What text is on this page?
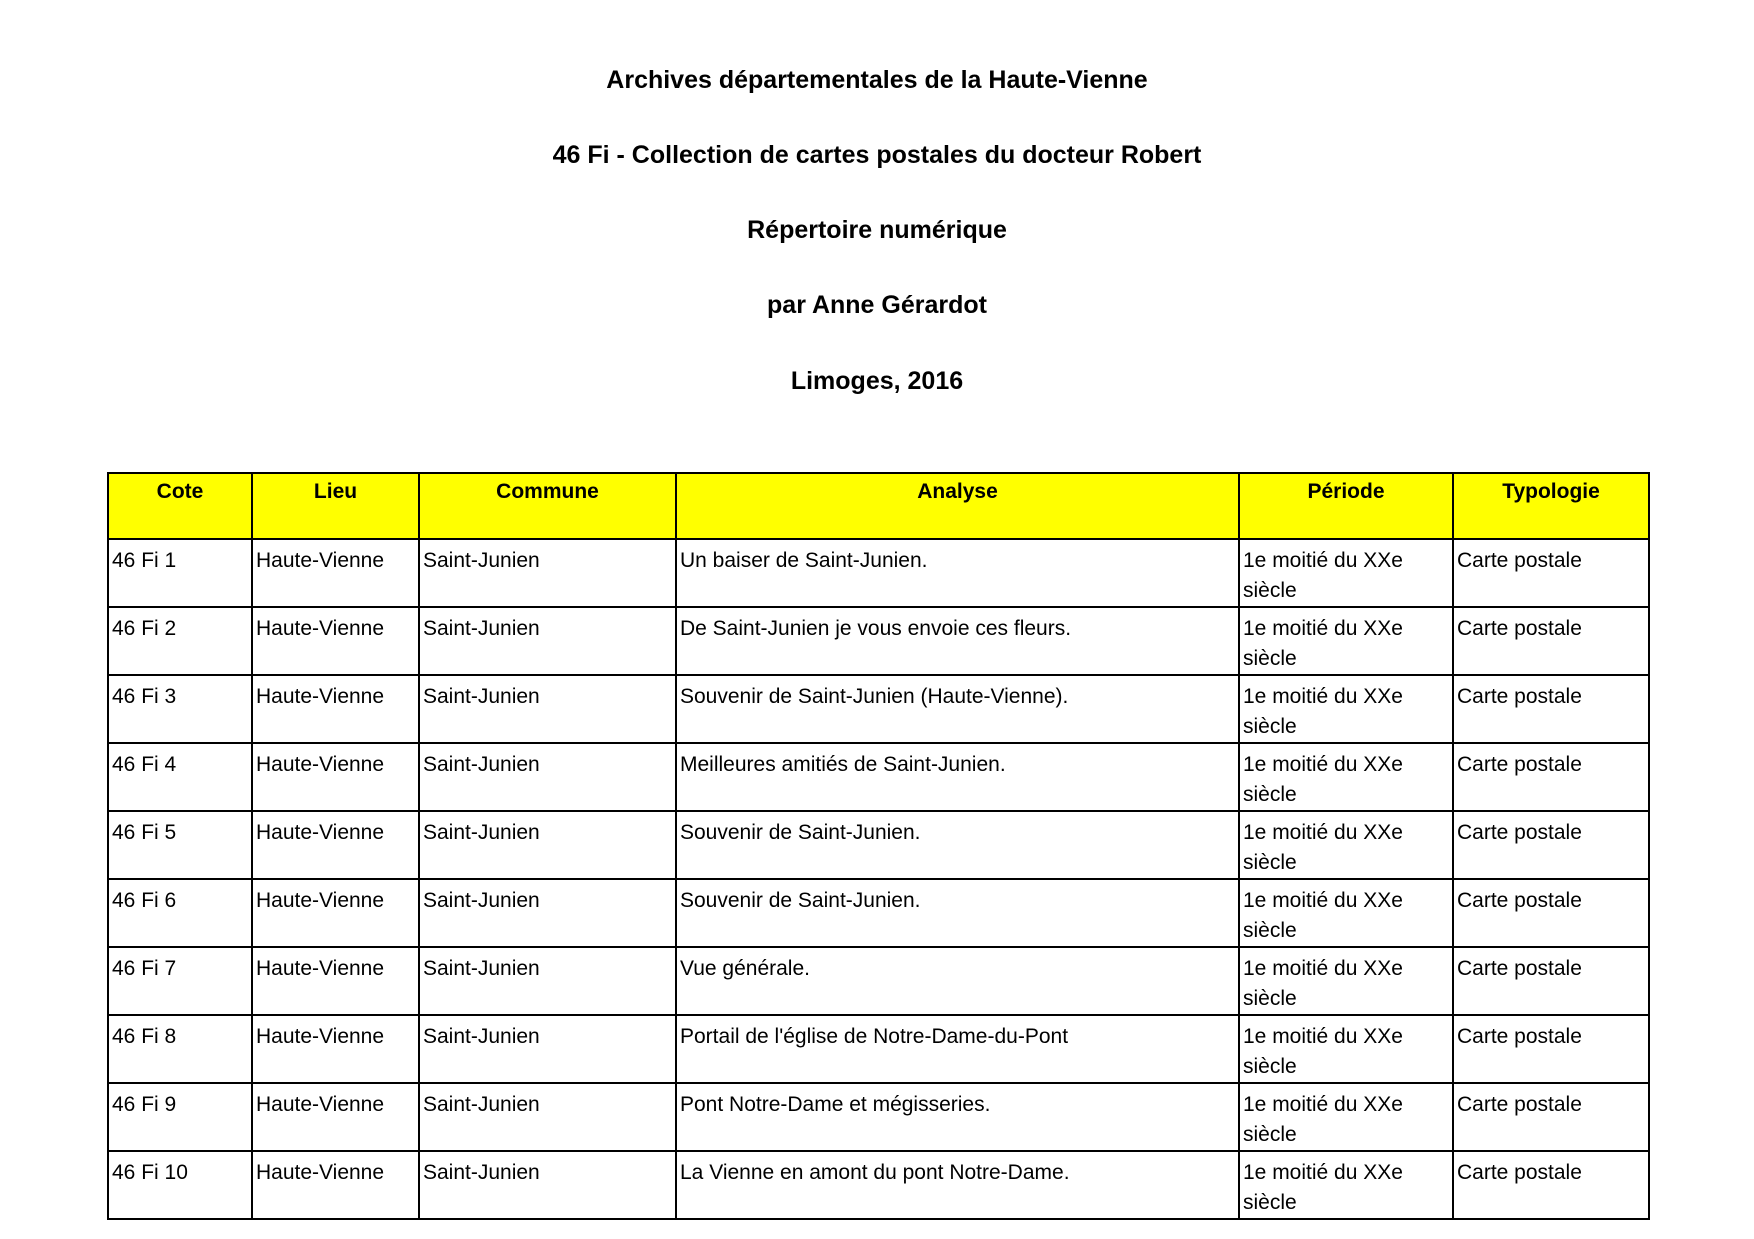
Archives départementales de la Haute-Vienne
46 Fi - Collection de cartes postales du docteur Robert
Répertoire numérique
par Anne Gérardot
Limoges, 2016
Cote	Lieu	Commune	Analyse	Période	Typologie
46 Fi 1	Haute-Vienne	Saint-Junien	Un baiser de Saint-Junien.	1e moitié du XXe siècle	Carte postale
46 Fi 2	Haute-Vienne	Saint-Junien	De Saint-Junien je vous envoie ces fleurs.	1e moitié du XXe siècle	Carte postale
46 Fi 3	Haute-Vienne	Saint-Junien	Souvenir de Saint-Junien (Haute-Vienne).	1e moitié du XXe siècle	Carte postale
46 Fi 4	Haute-Vienne	Saint-Junien	Meilleures amitiés de Saint-Junien.	1e moitié du XXe siècle	Carte postale
46 Fi 5	Haute-Vienne	Saint-Junien	Souvenir de Saint-Junien.	1e moitié du XXe siècle	Carte postale
46 Fi 6	Haute-Vienne	Saint-Junien	Souvenir de Saint-Junien.	1e moitié du XXe siècle	Carte postale
46 Fi 7	Haute-Vienne	Saint-Junien	Vue générale.	1e moitié du XXe siècle	Carte postale
46 Fi 8	Haute-Vienne	Saint-Junien	Portail de l'église de Notre-Dame-du-Pont	1e moitié du XXe siècle	Carte postale
46 Fi 9	Haute-Vienne	Saint-Junien	Pont Notre-Dame et mégisseries.	1e moitié du XXe siècle	Carte postale
46 Fi 10	Haute-Vienne	Saint-Junien	La Vienne en amont du pont Notre-Dame.	1e moitié du XXe siècle	Carte postale
